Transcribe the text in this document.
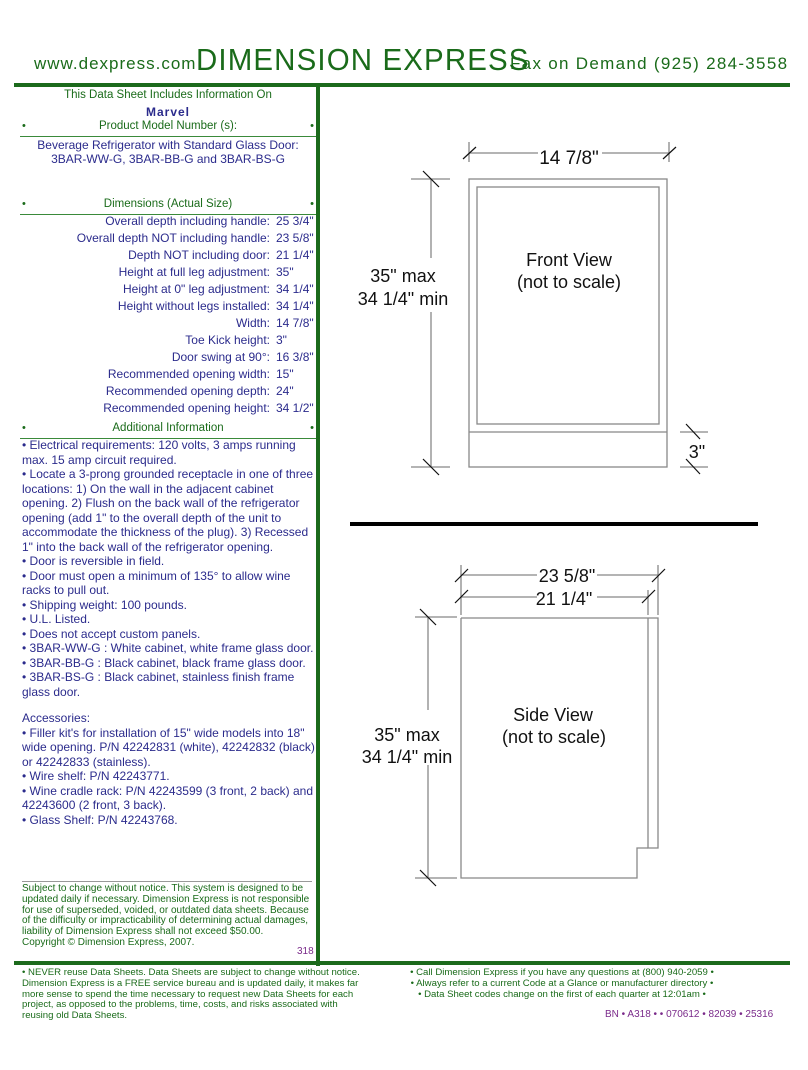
www.dexpress.com DIMENSION EXPRESS
Fax on Demand (925) 284-3558
This Data Sheet Includes Information On
Marvel
•	Product Model Number (s):	•
Beverage Refrigerator with Standard Glass Door:
3BAR-WW-G, 3BAR-BB-G and 3BAR-BS-G
•	Dimensions (Actual Size)	•
Overall depth including handle: 25 3/4"
Overall depth NOT including handle: 23 5/8"
Depth NOT including door: 21 1/4"
Height at full leg adjustment: 35"
Height at 0" leg adjustment: 34 1/4"
Height without legs installed: 34 1/4"
Width: 14 7/8"
Toe Kick height: 3"
Door swing at 90°: 16 3/8"
Recommended opening width: 15"
Recommended opening depth: 24"
Recommended opening height: 34 1/2"
•	Additional Information	•

• Electrical requirements: 120 volts, 3 amps running max. 15 amp circuit required.

• Locate a 3-prong grounded receptacle in one of three locations: 1) On the wall in the adjacent cabinet opening. 2) Flush on the back wall of the refrigerator opening (add 1" to the overall depth of the unit to accommodate the thickness of the plug). 3) Recessed 1" into the back wall of the refrigerator opening.

• Door is reversible in field.

• Door must open a minimum of 135° to allow wine racks to pull out.

• Shipping weight: 100 pounds.

• U.L. Listed.

• Does not accept custom panels.

• 3BAR-WW-G : White cabinet, white frame glass door.

• 3BAR-BB-G : Black cabinet, black frame glass door.

• 3BAR-BS-G : Black cabinet, stainless finish frame glass door.

Accessories:

• Filler kit's for installation of 15" wide models into 18" wide opening. P/N 42242831 (white), 42242832 (black) or 42242833 (stainless).

• Wire shelf: P/N 42243771.

• Wine cradle rack: P/N 42243599 (3 front, 2 back) and 42243600 (2 front, 3 back).

• Glass Shelf: P/N 42243768.

Subject to change without notice. This system is designed to be updated daily if necessary. Dimension Express is not responsible for use of superseded, voided, or outdated data sheets. Because of the difficulty or impracticability of determining actual damages, liability of Dimension Express shall not exceed $50.00.

Copyright © Dimension Express, 2007.

318
• NEVER reuse Data Sheets. Data Sheets are subject to change without notice. Dimension Express is a FREE service bureau and is updated daily, it makes far more sense to spend the time necessary to request new Data Sheets for each project, as opposed to the problems, time, costs, and risks associated with reusing old Data Sheets.
• Call Dimension Express if you have any questions at (800) 940-2059 •
• Always refer to a current Code at a Glance or manufacturer directory •
• Data Sheet codes change on the first of each quarter at 12:01am •
BN • A318 • • 070612 • 82039 • 25316
14 7/8"
Front View
(not to scale)
35" max
34 1/4" min
3"
23 5/8"
21 1/4"
Side View
(not to scale)
35" max
34 1/4" min
